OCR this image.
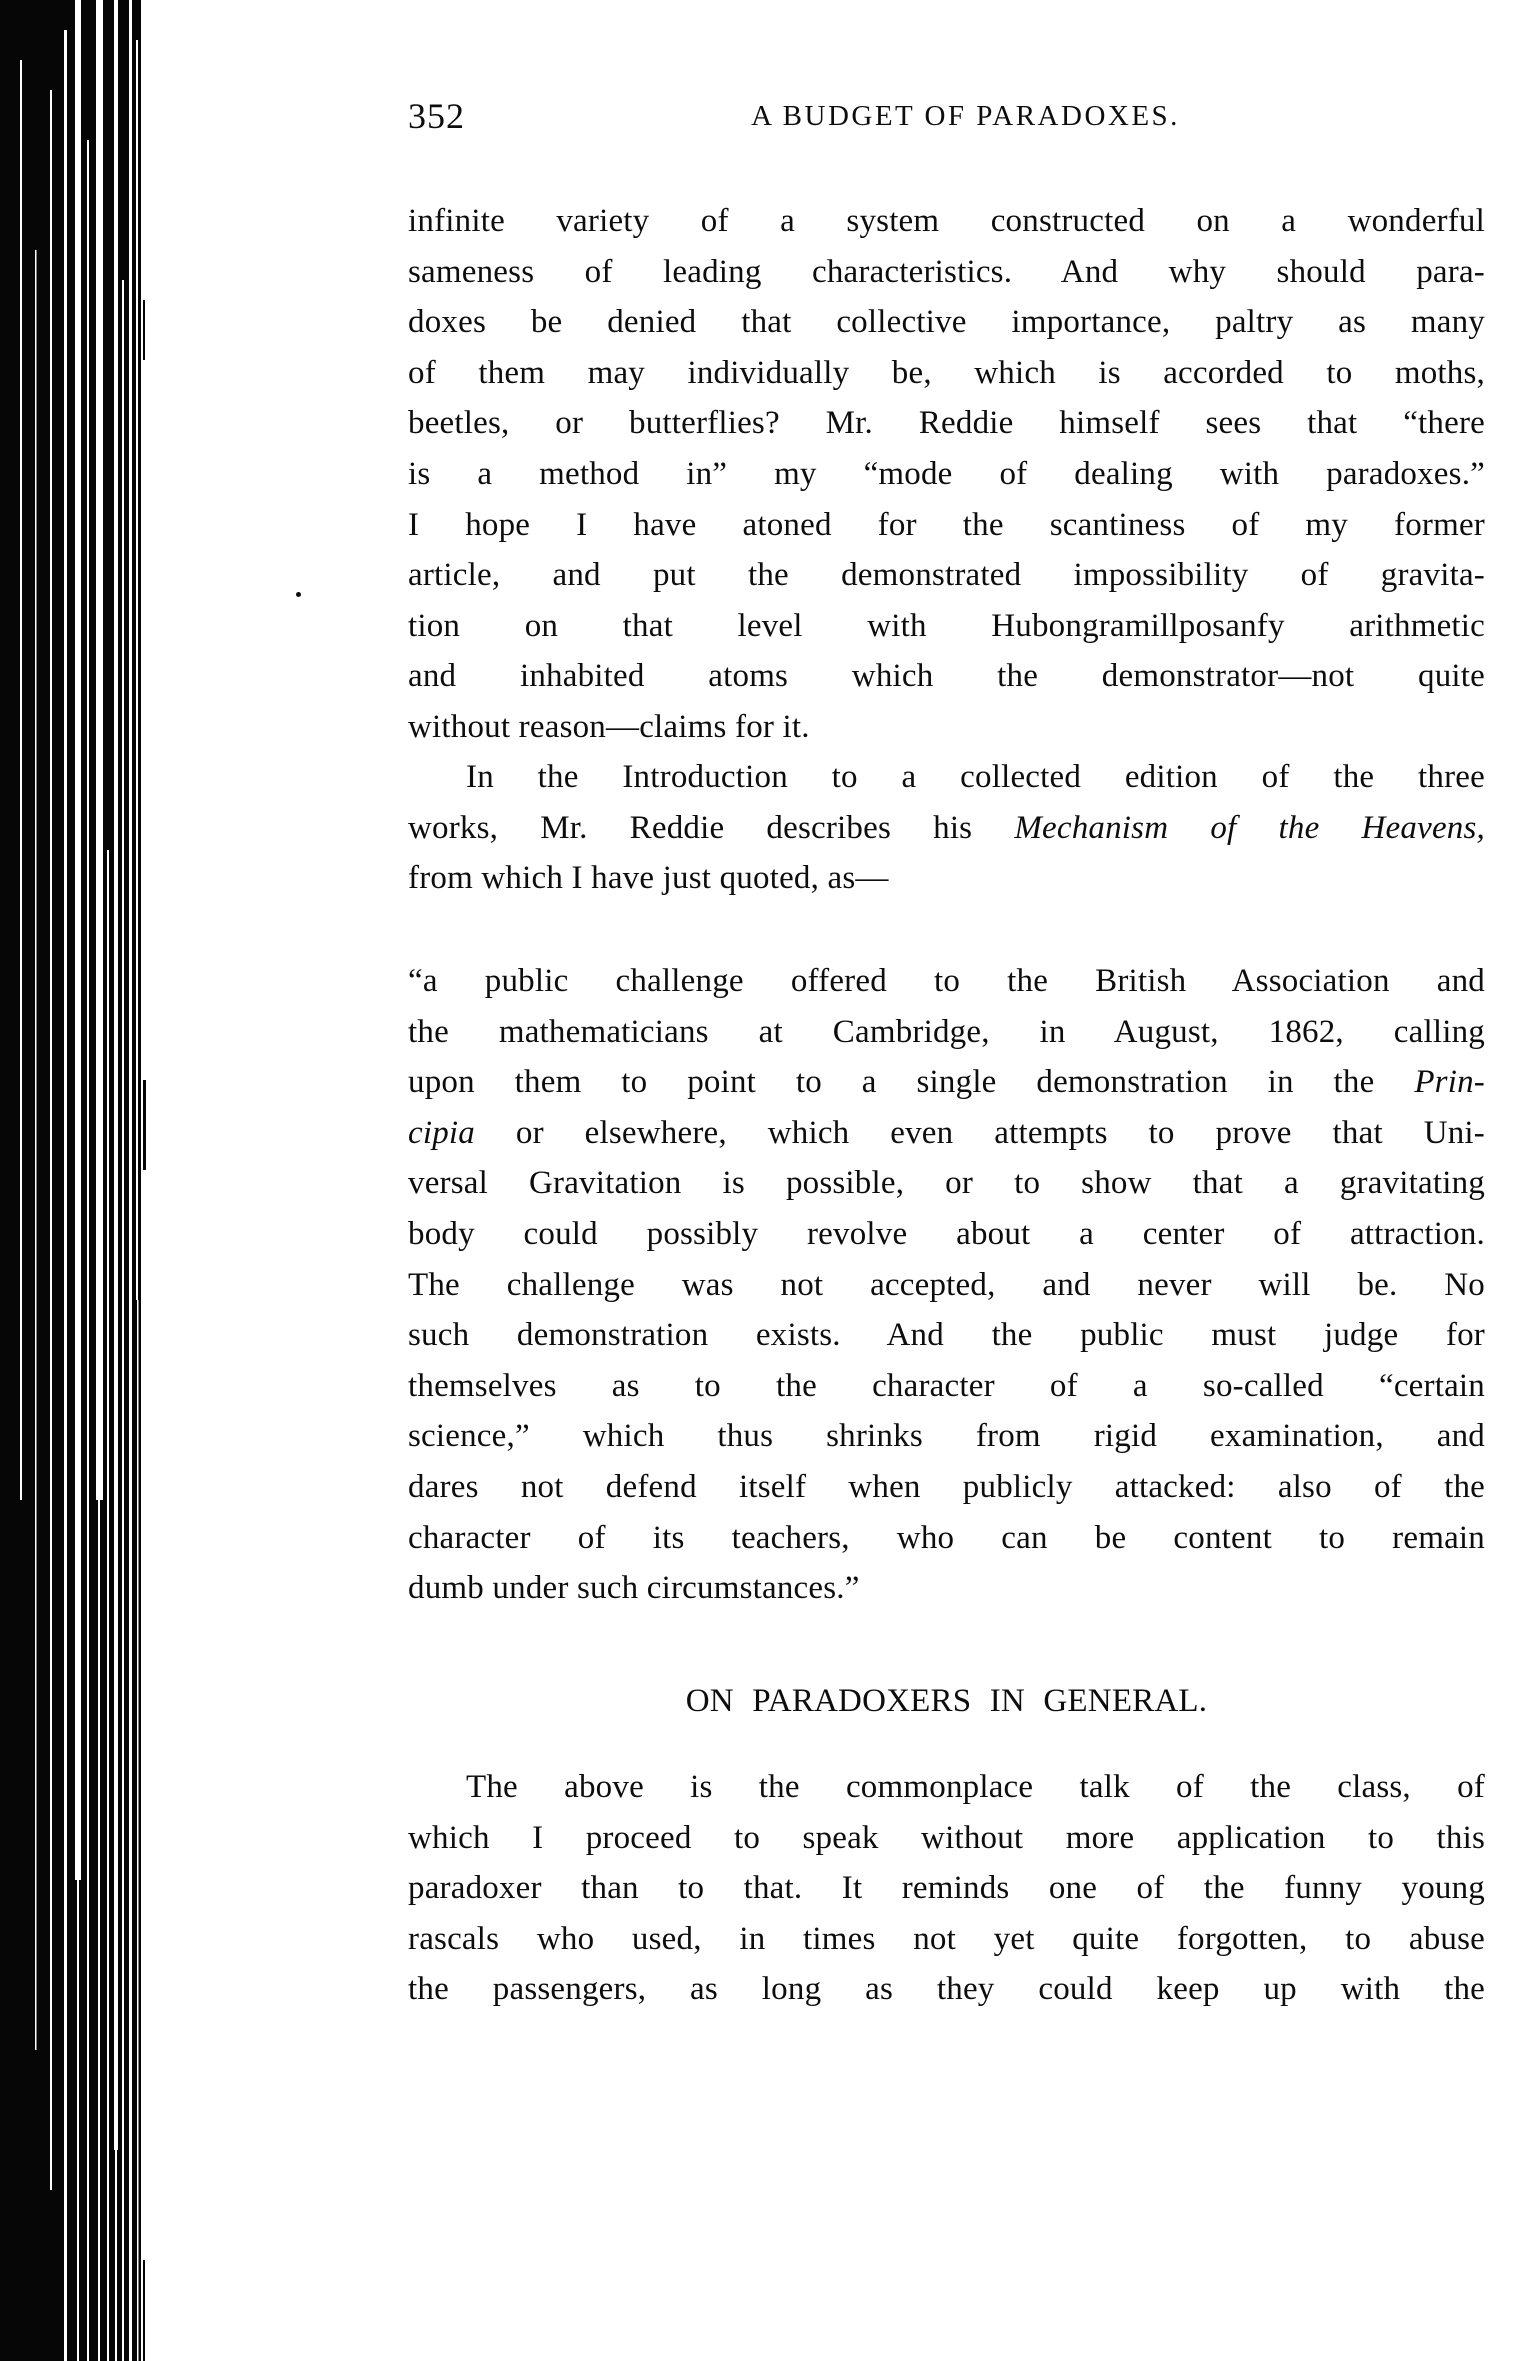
352	A BUDGET OF PARADOXES.
infinite variety of a system constructed on a wonderful
sameness of leading characteristics. And why should para-
doxes be denied that collective importance, paltry as many
of them may individually be, which is accorded to moths,
beetles, or butterflies? Mr. Reddie himself sees that “there
is a method in” my “mode of dealing with paradoxes.”
I hope I have atoned for the scantiness of my former
article, and put the demonstrated impossibility of gravita-
tion on that level with Hubongramillposanfy arithmetic
and inhabited atoms which the demonstrator—not quite
without reason—claims for it.
In the Introduction to a collected edition of the three
works, Mr. Reddie describes his Mechanism of the Heavens,
from which I have just quoted, as—
“a public challenge offered to the British Association and
the mathematicians at Cambridge, in August, 1862, calling
upon them to point to a single demonstration in the Prin-
cipia or elsewhere, which even attempts to prove that Uni-
versal Gravitation is possible, or to show that a gravitating
body could possibly revolve about a center of attraction.
The challenge was not accepted, and never will be. No
such demonstration exists. And the public must judge for
themselves as to the character of a so-called “certain
science,” which thus shrinks from rigid examination, and
dares not defend itself when publicly attacked: also of the
character of its teachers, who can be content to remain
dumb under such circumstances.”
ON PARADOXERS IN GENERAL.
The above is the commonplace talk of the class, of
which I proceed to speak without more application to this
paradoxer than to that. It reminds one of the funny young
rascals who used, in times not yet quite forgotten, to abuse
the passengers, as long as they could keep up with the
